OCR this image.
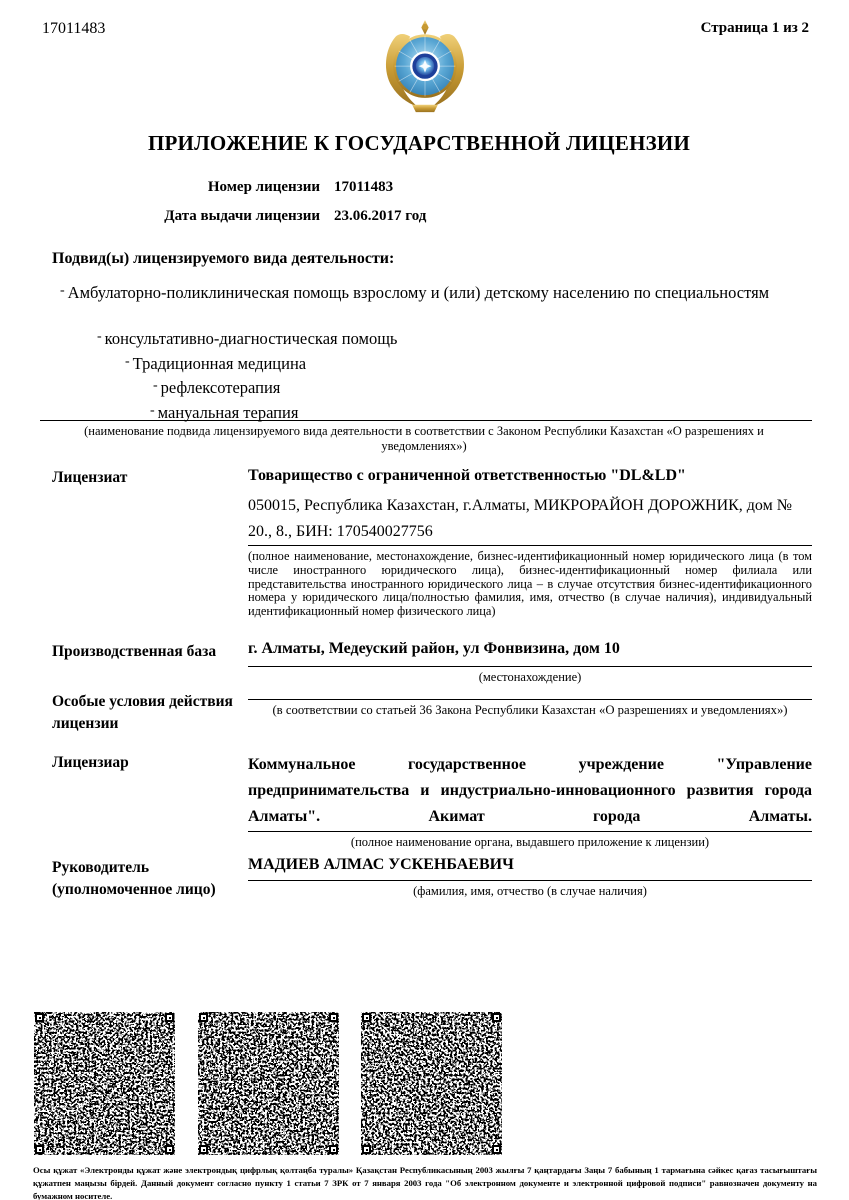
17011483	Страница 1 из 2
ПРИЛОЖЕНИЕ К ГОСУДАРСТВЕННОЙ ЛИЦЕНЗИИ
Номер лицензии 17011483
Дата выдачи лицензии 23.06.2017 год
Подвид(ы) лицензируемого вида деятельности:
- Амбулаторно-поликлиническая помощь взрослому и (или) детскому населению по специальностям
- консультативно-диагностическая помощь
- Традиционная медицина
- рефлексотерапия
- мануальная терапия
(наименование подвида лицензируемого вида деятельности в соответствии с Законом Республики Казахстан «О разрешениях и уведомлениях»)
Лицензиат	Товарищество с ограниченной ответственностью "DL&LD"
050015, Республика Казахстан, г.Алматы, МИКРОРАЙОН ДОРОЖНИК, дом № 20., 8., БИН: 170540027756
(полное наименование, местонахождение, бизнес-идентификационный номер юридического лица (в том числе иностранного юридического лица), бизнес-идентификационный номер филиала или представительства иностранного юридического лица – в случае отсутствия бизнес-идентификационного номера у юридического лица/полностью фамилия, имя, отчество (в случае наличия), индивидуальный идентификационный номер физического лица)
Производственная база г. Алматы, Медеуский район, ул Фонвизина, дом 10
(местонахождение)
Особые условия действия лицензии
(в соответствии со статьей 36 Закона Республики Казахстан «О разрешениях и уведомлениях»)
Лицензиар	Коммунальное государственное учреждение "Управление предпринимательства и индустриально-инновационного развития города Алматы". Акимат города Алматы.
(полное наименование органа, выдавшего приложение к лицензии)
Руководитель (уполномоченное лицо)
МАДИЕВ АЛМАС УСКЕНБАЕВИЧ
(фамилия, имя, отчество (в случае наличия)
Осы құжат «Электронды құжат және электрондық цифрлық қолтаңба туралы» Қазақстан Республикасының 2003 жылғы 7 қаңтардағы Заңы 7 бабының 1 тармағына сәйкес қағаз тасығыштағы құжатпен маңызы бірдей. Данный документ согласно пункту 1 статьи 7 ЗРК от 7 января 2003 года "Об электронном документе и электронной цифровой подписи" равнозначен документу на бумажном носителе.
